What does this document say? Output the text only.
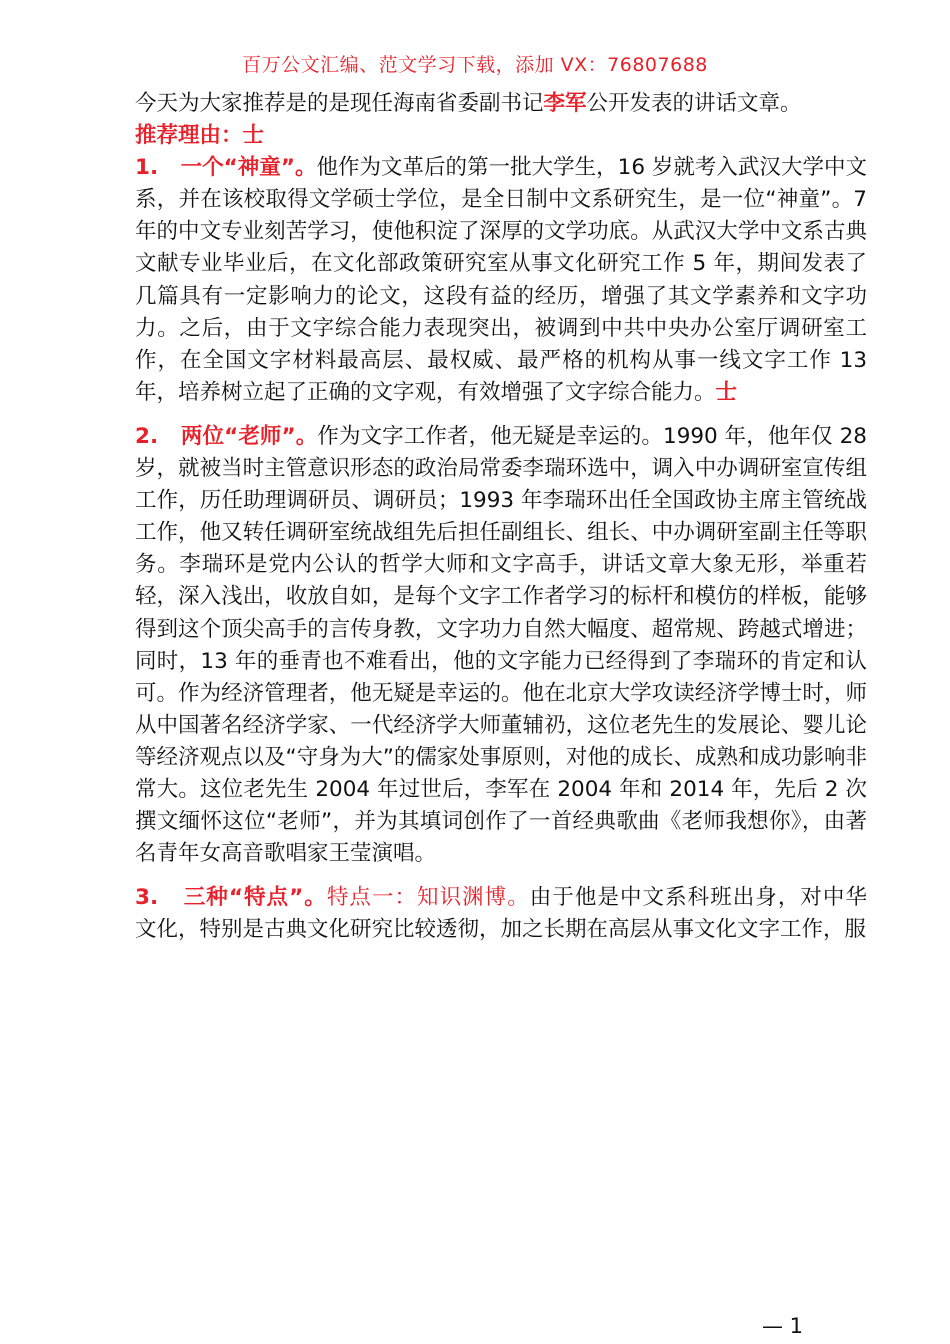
百万公文汇编、范文学习下载，添加 VX：76807688

今天为大家推荐是的是现任海南省委副书记李军公开发表的讲话文章。

推荐理由：士

1.   一个“神童”。他作为文革后的第一批大学生，16 岁就考入武汉大学中文系，并在该校取得文学硕士学位，是全日制中文系研究生，是一位“神童”。7 年的中文专业刻苦学习，使他积淀了深厚的文学功底。从武汉大学中文系古典文献专业毕业后，在文化部政策研究室从事文化研究工作 5 年，期间发表了几篇具有一定影响力的论文，这段有益的经历，增强了其文学素养和文字功力。之后，由于文字综合能力表现突出，被调到中共中央办公室厅调研室工作，在全国文字材料最高层、最权威、最严格的机构从事一线文字工作 13 年，培养树立起了正确的文字观，有效增强了文字综合能力。士

2.   两位“老师”。作为文字工作者，他无疑是幸运的。1990 年，他年仅 28 岁，就被当时主管意识形态的政治局常委李瑞环选中，调入中办调研室宣传组工作，历任助理调研员、调研员；1993 年李瑞环出任全国政协主席主管统战工作，他又转任调研室统战组先后担任副组长、组长、中办调研室副主任等职务。李瑞环是党内公认的哲学大师和文字高手，讲话文章大象无形，举重若轻，深入浅出，收放自如，是每个文字工作者学习的标杆和模仿的样板，能够得到这个顶尖高手的言传身教，文字功力自然大幅度、超常规、跨越式增进；同时，13 年的垂青也不难看出，他的文字能力已经得到了李瑞环的肯定和认可。作为经济管理者，他无疑是幸运的。他在北京大学攻读经济学博士时，师从中国著名经济学家、一代经济学大师董辅礽，这位老先生的发展论、婴儿论等经济观点以及“守身为大”的儒家处事原则，对他的成长、成熟和成功影响非常大。这位老先生 2004 年过世后，李军在 2004 年和 2014 年，先后 2 次撰文缅怀这位“老师”，并为其填词创作了一首经典歌曲《老师我想你》，由著名青年女高音歌唱家王莹演唱。

3.   三种“特点”。特点一：知识渊博。由于他是中文系科班出身，对中华  文化，特别是古典文化研究比较透彻，加之长期在高层从事文化文字工作，服

— 1
